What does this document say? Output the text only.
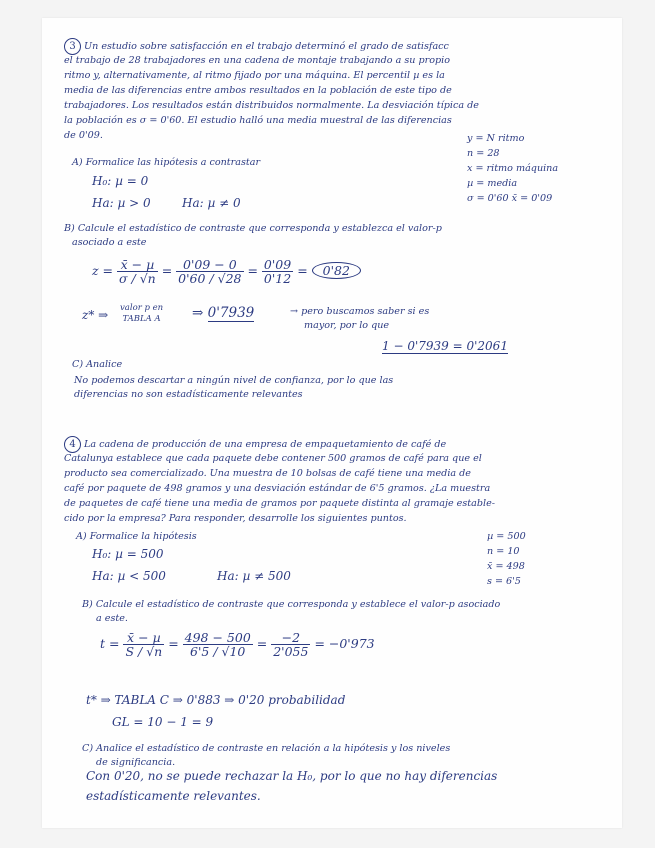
3 Un estudio sobre satisfacción en el trabajo determinó el grado de satisfacc
el trabajo de 28 trabajadores en una cadena de montaje trabajando a su propio
ritmo y, alternativamente, al ritmo fijado por una máquina. El percentil µ es la
media de las diferencias entre ambos resultados en la población de este tipo de
trabajadores. Los resultados están distribuidos normalmente. La desviación típica de
la población es σ = 0'60. El estudio halló una media muestral de las diferencias
de 0'09.	y = N ritmo
n = 28
x = ritmo máquina
µ = media
σ = 0'60 x̄ = 0'09
A) Formalice las hipótesis a contrastar
H₀: µ = 0
Ha: µ > 0	Ha: µ ≠ 0
B) Calcule el estadístico de contraste que corresponda y establezca el valor-p
asociado a este
$z = \frac{\text{x̄ − µ}}{\sigma / √n} = \frac{0'09 - 0}{0'60 / √28} = \frac{0'09}{0'12} = 0'82$
z* ⇒ valor p en
TABLA A ⇒ 0'7939	→ pero buscamos saber si es
mayor, por lo que
1 − 0'7939 = 0'2061
C) Analice
No podemos descartar a ningún nivel de confianza, por lo que las
diferencias no son estadísticamente relevantes
4 La cadena de producción de una empresa de empaquetamiento de café de
Catalunya establece que cada paquete debe contener 500 gramos de café para que el
producto sea comercializado. Una muestra de 10 bolsas de café tiene una media de
café por paquete de 498 gramos y una desviación estándar de 6'5 gramos. ¿La muestra
de paquetes de café tiene una media de gramos por paquete distinta al gramaje estable-
cido por la empresa? Para responder, desarrolle los siguientes puntos.
µ = 500
n = 10
x̄ = 498
s = 6'5
A) Formalice la hipótesis
H₀: µ = 500
Ha: µ < 500	Ha: µ ≠ 500
B) Calcule el estadístico de contraste que corresponda y establece el valor-p asociado
a este.
$t = \frac{\text{x̄ − µ}}{S / √n} = \frac{498 - 500}{6'5 / √10} = \frac{-2}{2'055} = -0'973$
t* ⇒ TABLA C ⇒ 0'883 ⇒ 0'20 probabilidad
GL = 10 − 1 = 9
C) Analice el estadístico de contraste en relación a la hipótesis y los niveles
de significancia.
Con 0'20, no se puede rechazar la H₀, por lo que no hay diferencias
estadísticamente relevantes.
